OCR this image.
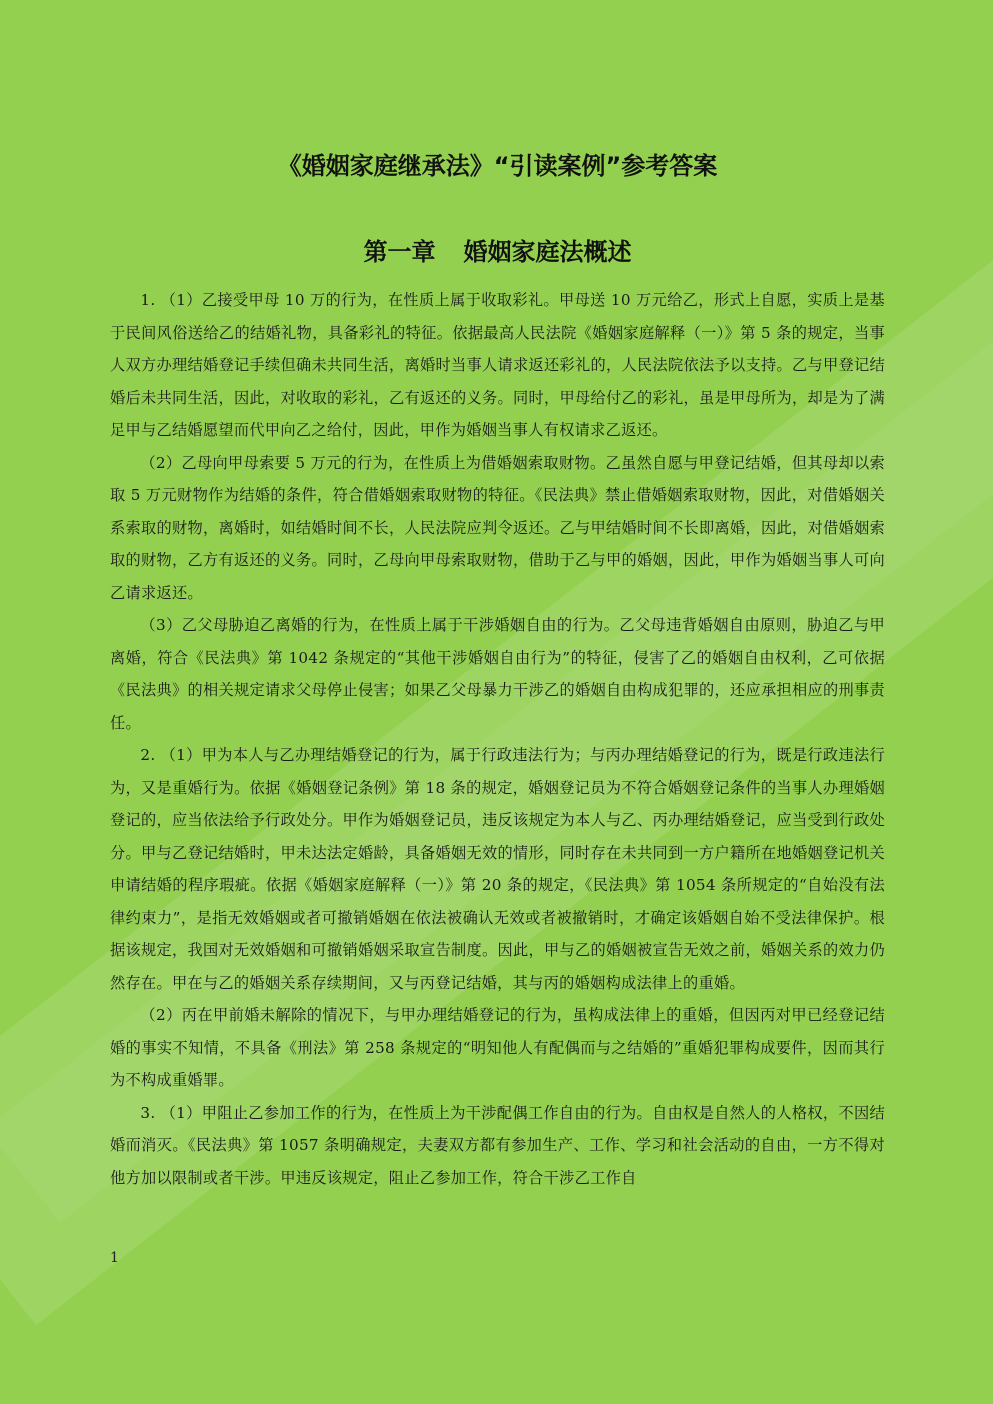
《婚姻家庭继承法》“引读案例”参考答案
第一章 婚姻家庭法概述

1. （1）乙接受甲母 10 万的行为，在性质上属于收取彩礼。甲母送 10 万元给乙，形式上自愿，实质上是基于民间风俗送给乙的结婚礼物，具备彩礼的特征。依据最高人民法院《婚姻家庭解释（一）》第 5 条的规定，当事人双方办理结婚登记手续但确未共同生活，离婚时当事人请求返还彩礼的，人民法院依法予以支持。乙与甲登记结婚后未共同生活，因此，对收取的彩礼，乙有返还的义务。同时，甲母给付乙的彩礼，虽是甲母所为，却是为了满足甲与乙结婚愿望而代甲向乙之给付，因此，甲作为婚姻当事人有权请求乙返还。

（2）乙母向甲母索要 5 万元的行为，在性质上为借婚姻索取财物。乙虽然自愿与甲登记结婚，但其母却以索取 5 万元财物作为结婚的条件，符合借婚姻索取财物的特征。《民法典》禁止借婚姻索取财物，因此，对借婚姻关系索取的财物，离婚时，如结婚时间不长，人民法院应判令返还。乙与甲结婚时间不长即离婚，因此，对借婚姻索取的财物，乙方有返还的义务。同时，乙母向甲母索取财物，借助于乙与甲的婚姻，因此，甲作为婚姻当事人可向乙请求返还。

（3）乙父母胁迫乙离婚的行为，在性质上属于干涉婚姻自由的行为。乙父母违背婚姻自由原则，胁迫乙与甲离婚，符合《民法典》第 1042 条规定的“其他干涉婚姻自由行为”的特征，侵害了乙的婚姻自由权利，乙可依据《民法典》的相关规定请求父母停止侵害；如果乙父母暴力干涉乙的婚姻自由构成犯罪的，还应承担相应的刑事责任。

2. （1）甲为本人与乙办理结婚登记的行为，属于行政违法行为；与丙办理结婚登记的行为，既是行政违法行为，又是重婚行为。依据《婚姻登记条例》第 18 条的规定，婚姻登记员为不符合婚姻登记条件的当事人办理婚姻登记的，应当依法给予行政处分。甲作为婚姻登记员，违反该规定为本人与乙、丙办理结婚登记，应当受到行政处分。甲与乙登记结婚时，甲未达法定婚龄，具备婚姻无效的情形，同时存在未共同到一方户籍所在地婚姻登记机关申请结婚的程序瑕疵。依据《婚姻家庭解释（一）》第 20 条的规定，《民法典》第 1054 条所规定的“自始没有法律约束力”，是指无效婚姻或者可撤销婚姻在依法被确认无效或者被撤销时，才确定该婚姻自始不受法律保护。根据该规定，我国对无效婚姻和可撤销婚姻采取宣告制度。因此，甲与乙的婚姻被宣告无效之前，婚姻关系的效力仍然存在。甲在与乙的婚姻关系存续期间，又与丙登记结婚，其与丙的婚姻构成法律上的重婚。

（2）丙在甲前婚未解除的情况下，与甲办理结婚登记的行为，虽构成法律上的重婚，但因丙对甲已经登记结婚的事实不知情，不具备《刑法》第 258 条规定的“明知他人有配偶而与之结婚的”重婚犯罪构成要件，因而其行为不构成重婚罪。

3. （1）甲阻止乙参加工作的行为，在性质上为干涉配偶工作自由的行为。自由权是自然人的人格权，不因结婚而消灭。《民法典》第 1057 条明确规定，夫妻双方都有参加生产、工作、学习和社会活动的自由，一方不得对他方加以限制或者干涉。甲违反该规定，阻止乙参加工作，符合干涉乙工作自

1
